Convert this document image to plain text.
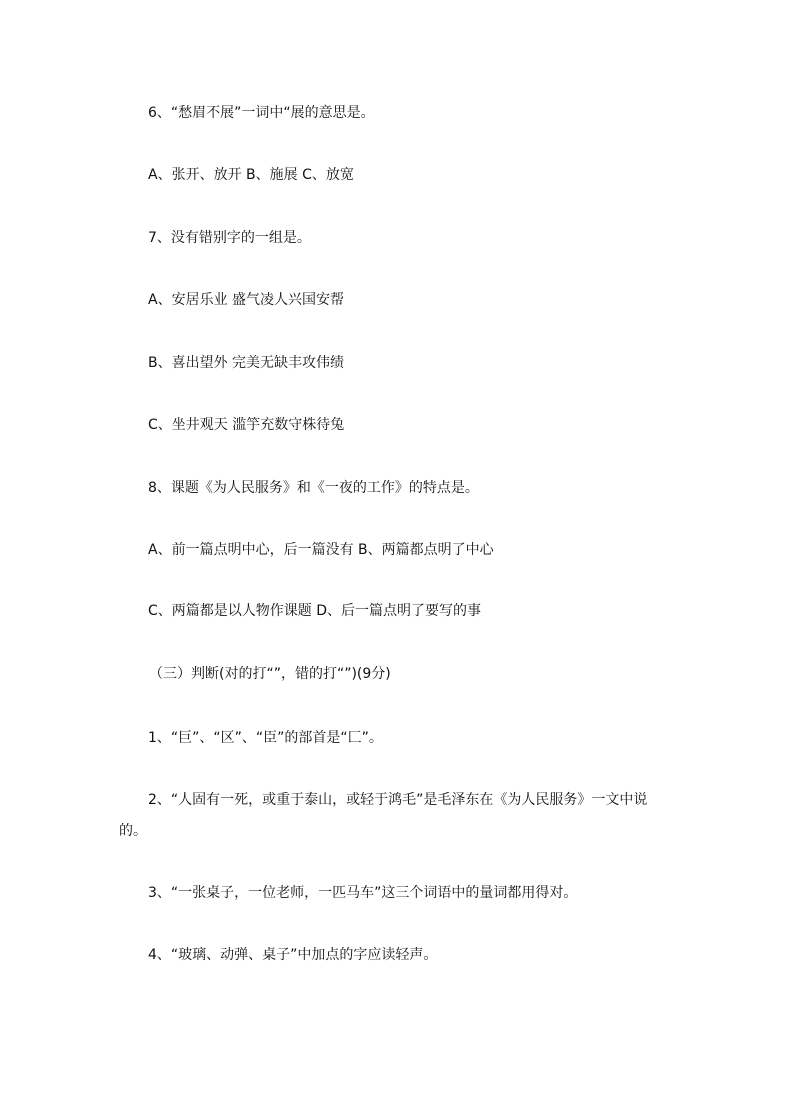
6、“愁眉不展”一词中“展的意思是。
A、张开、放开 B、施展 C、放宽
7、没有错别字的一组是。
A、安居乐业 盛气凌人兴国安帮
B、喜出望外 完美无缺丰攻伟绩
C、坐井观天 滥竽充数守株待兔
8、课题《为人民服务》和《一夜的工作》的特点是。
A、前一篇点明中心，后一篇没有 B、两篇都点明了中心
C、两篇都是以人物作课题 D、后一篇点明了要写的事
（三）判断(对的打“”，错的打“”)(9分)
1、“巨”、“区”、“臣”的部首是“匚”。
2、“人固有一死，或重于泰山，或轻于鸿毛”是毛泽东在《为人民服务》一文中说
的。
3、“一张桌子，一位老师，一匹马车”这三个词语中的量词都用得对。
4、“玻璃、动弹、桌子”中加点的字应读轻声。
